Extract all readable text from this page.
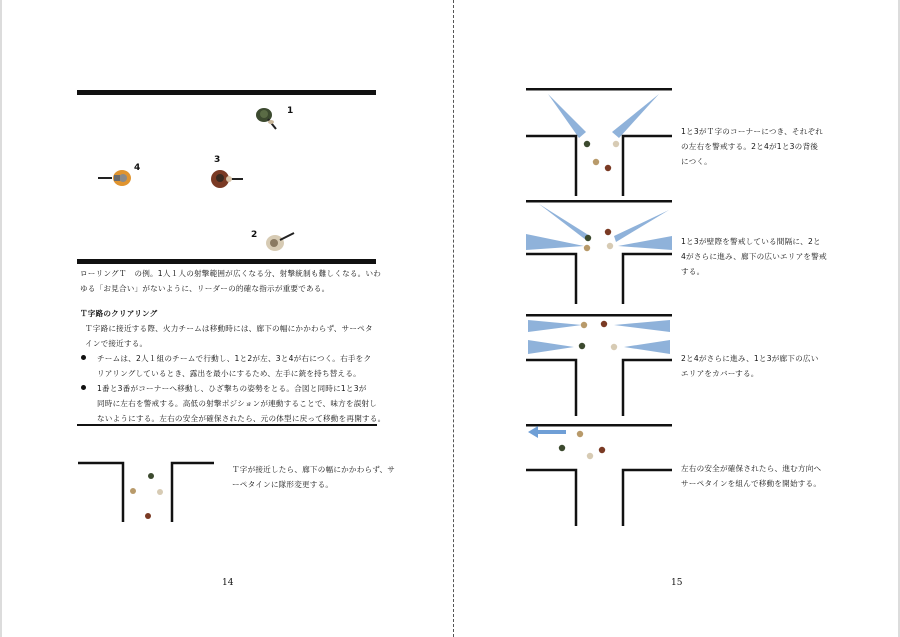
1
4
3
2
ローリングＴ　の例。1人１人の射撃範囲が広くなる分、射撃統制も難しくなる。いわ
ゆる「お見合い」がないように、リーダーの的確な指示が重要である。
Ｔ字路のクリアリング
Ｔ字路に接近する際、火力チームは移動時には、廊下の幅にかかわらず、サーペタ
インで接近する。
チームは、2人１組のチームで行動し、1と2が左、3と4が右につく。右手をク
リアリングしているとき、露出を最小にするため、左手に銃を持ち替える。
1番と3番がコーナーへ移動し、ひざ撃ちの姿勢をとる。合図と同時に1と3が
同時に左右を警戒する。高低の射撃ポジションが連動することで、味方を誤射し
ないようにする。左右の安全が確保されたら、元の体型に戻って移動を再開する。
Ｔ字が接近したら、廊下の幅にかかわらず、サ
ーペタインに隊形変更する。
14
1と3がＴ字のコーナーにつき、それぞれ
の左右を警戒する。2と4が1と3の背後
につく。
1と3が壁際を警戒している間隔に、2と
4がさらに進み、廊下の広いエリアを警戒
する。
2と4がさらに進み、1と3が廊下の広い
エリアをカバーする。
左右の安全が確保されたら、進む方向へ
サーペタインを組んで移動を開始する。
15
